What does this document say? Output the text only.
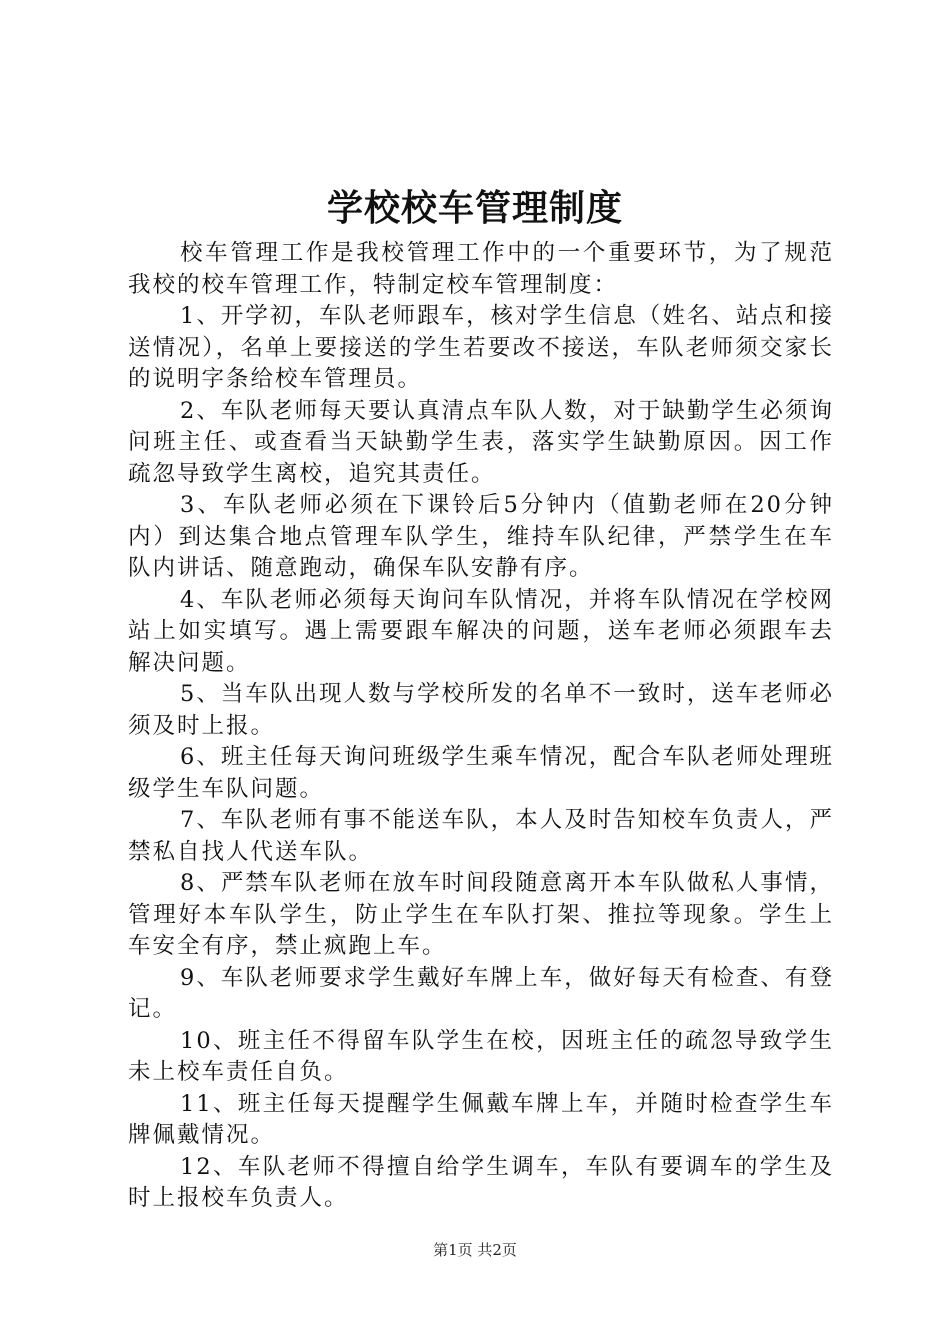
学校校车管理制度

校车管理工作是我校管理工作中的一个重要环节，为了规范我校的校车管理工作，特制定校车管理制度：

1、开学初，车队老师跟车，核对学生信息（姓名、站点和接送情况），名单上要接送的学生若要改不接送，车队老师须交家长的说明字条给校车管理员。

2、车队老师每天要认真清点车队人数，对于缺勤学生必须询问班主任、或查看当天缺勤学生表，落实学生缺勤原因。因工作疏忽导致学生离校，追究其责任。

3、车队老师必须在下课铃后5分钟内（值勤老师在20分钟内）到达集合地点管理车队学生，维持车队纪律，严禁学生在车队内讲话、随意跑动，确保车队安静有序。

4、车队老师必须每天询问车队情况，并将车队情况在学校网站上如实填写。遇上需要跟车解决的问题，送车老师必须跟车去解决问题。

5、当车队出现人数与学校所发的名单不一致时，送车老师必须及时上报。

6、班主任每天询问班级学生乘车情况，配合车队老师处理班级学生车队问题。

7、车队老师有事不能送车队，本人及时告知校车负责人，严禁私自找人代送车队。

8、严禁车队老师在放车时间段随意离开本车队做私人事情，管理好本车队学生，防止学生在车队打架、推拉等现象。学生上车安全有序，禁止疯跑上车。

9、车队老师要求学生戴好车牌上车，做好每天有检查、有登记。

10、班主任不得留车队学生在校，因班主任的疏忽导致学生未上校车责任自负。

11、班主任每天提醒学生佩戴车牌上车，并随时检查学生车牌佩戴情况。

12、车队老师不得擅自给学生调车，车队有要调车的学生及时上报校车负责人。

第1页 共2页
